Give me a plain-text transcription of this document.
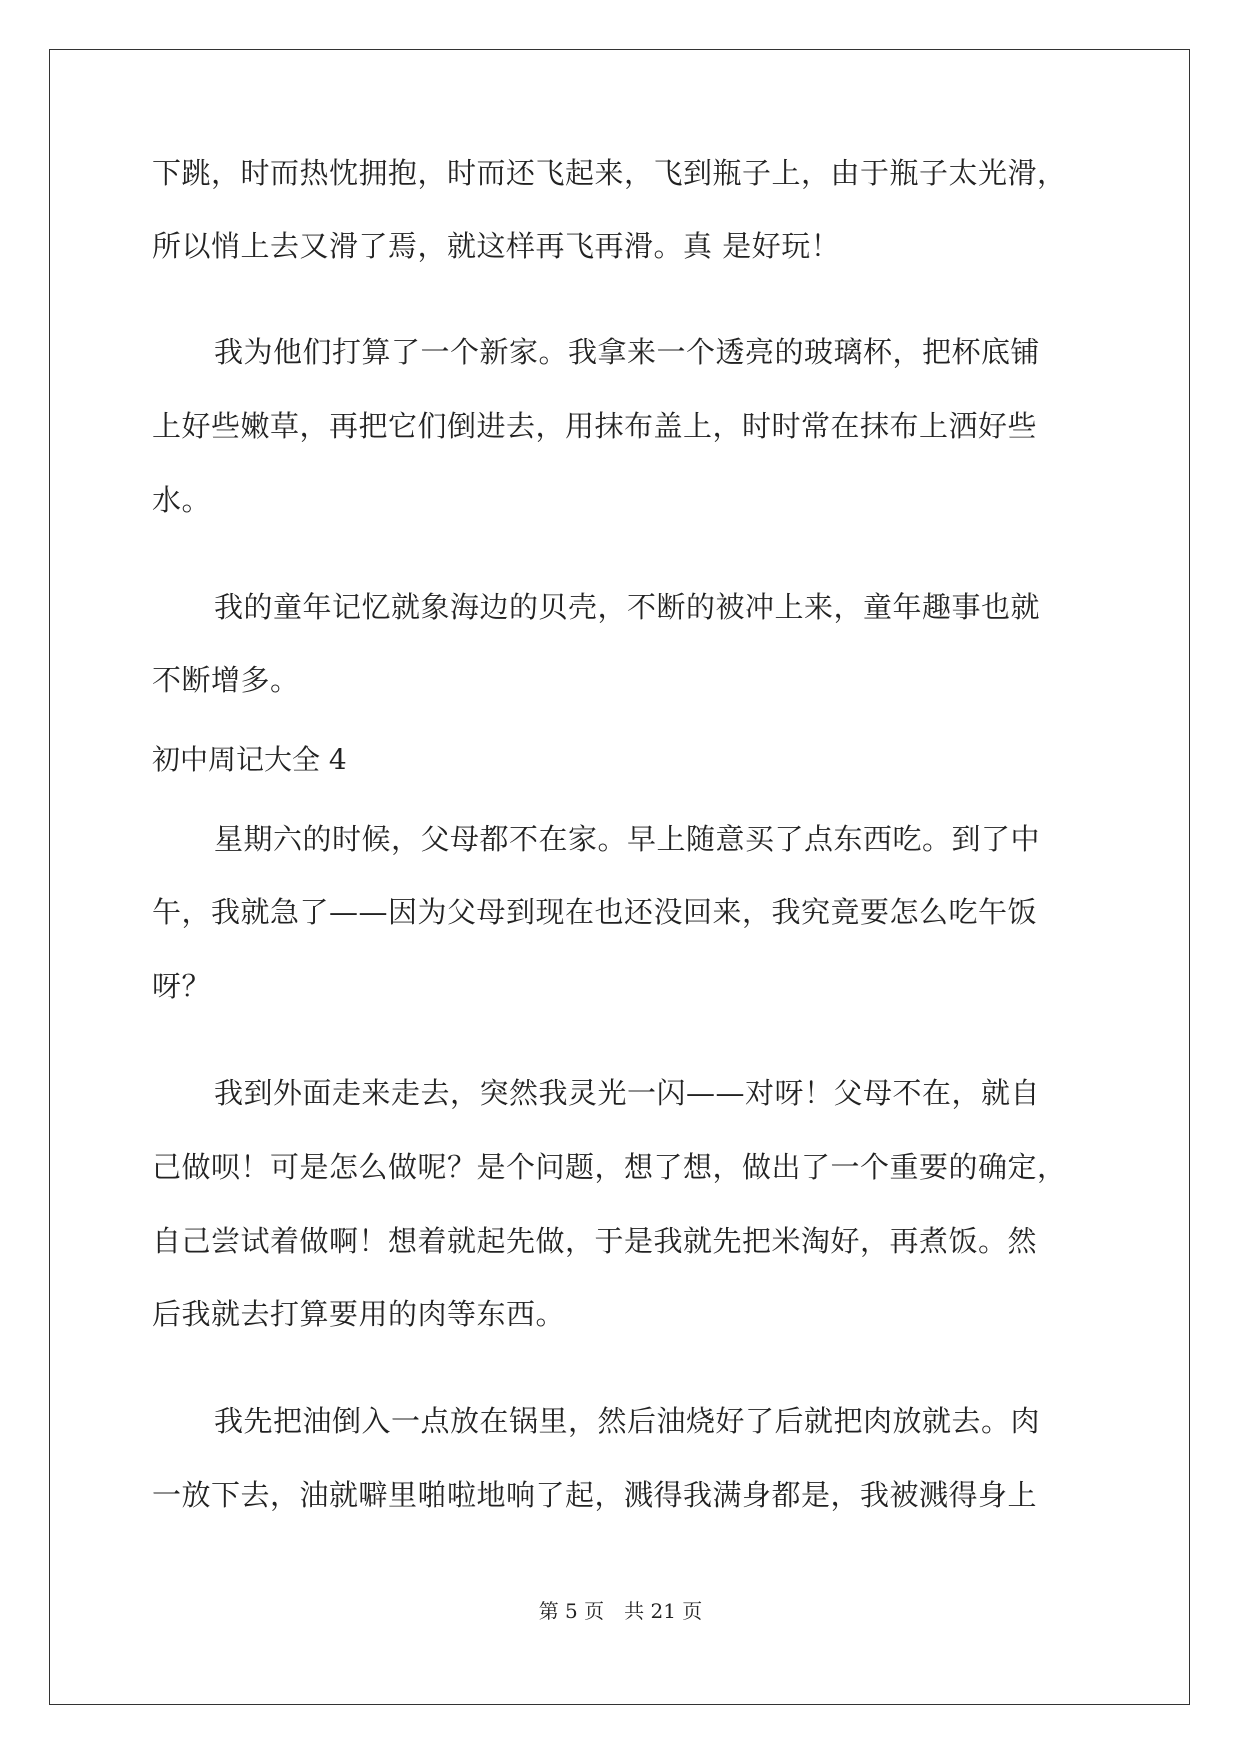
下跳，时而热忱拥抱，时而还飞起来，飞到瓶子上，由于瓶子太光滑，
所以悄上去又滑了焉，就这样再飞再滑。真 是好玩！
我为他们打算了一个新家。我拿来一个透亮的玻璃杯，把杯底铺
上好些嫩草，再把它们倒进去，用抹布盖上，时时常在抹布上洒好些
水。
我的童年记忆就象海边的贝壳，不断的被冲上来，童年趣事也就
不断增多。
初中周记大全 4
星期六的时候，父母都不在家。早上随意买了点东西吃。到了中
午，我就急了——因为父母到现在也还没回来，我究竟要怎么吃午饭
呀？
我到外面走来走去，突然我灵光一闪——对呀！父母不在，就自
己做呗！可是怎么做呢？是个问题，想了想，做出了一个重要的确定，
自己尝试着做啊！想着就起先做，于是我就先把米淘好，再煮饭。然
后我就去打算要用的肉等东西。
我先把油倒入一点放在锅里，然后油烧好了后就把肉放就去。肉
一放下去，油就噼里啪啦地响了起，溅得我满身都是，我被溅得身上
第 5 页　共 21 页
